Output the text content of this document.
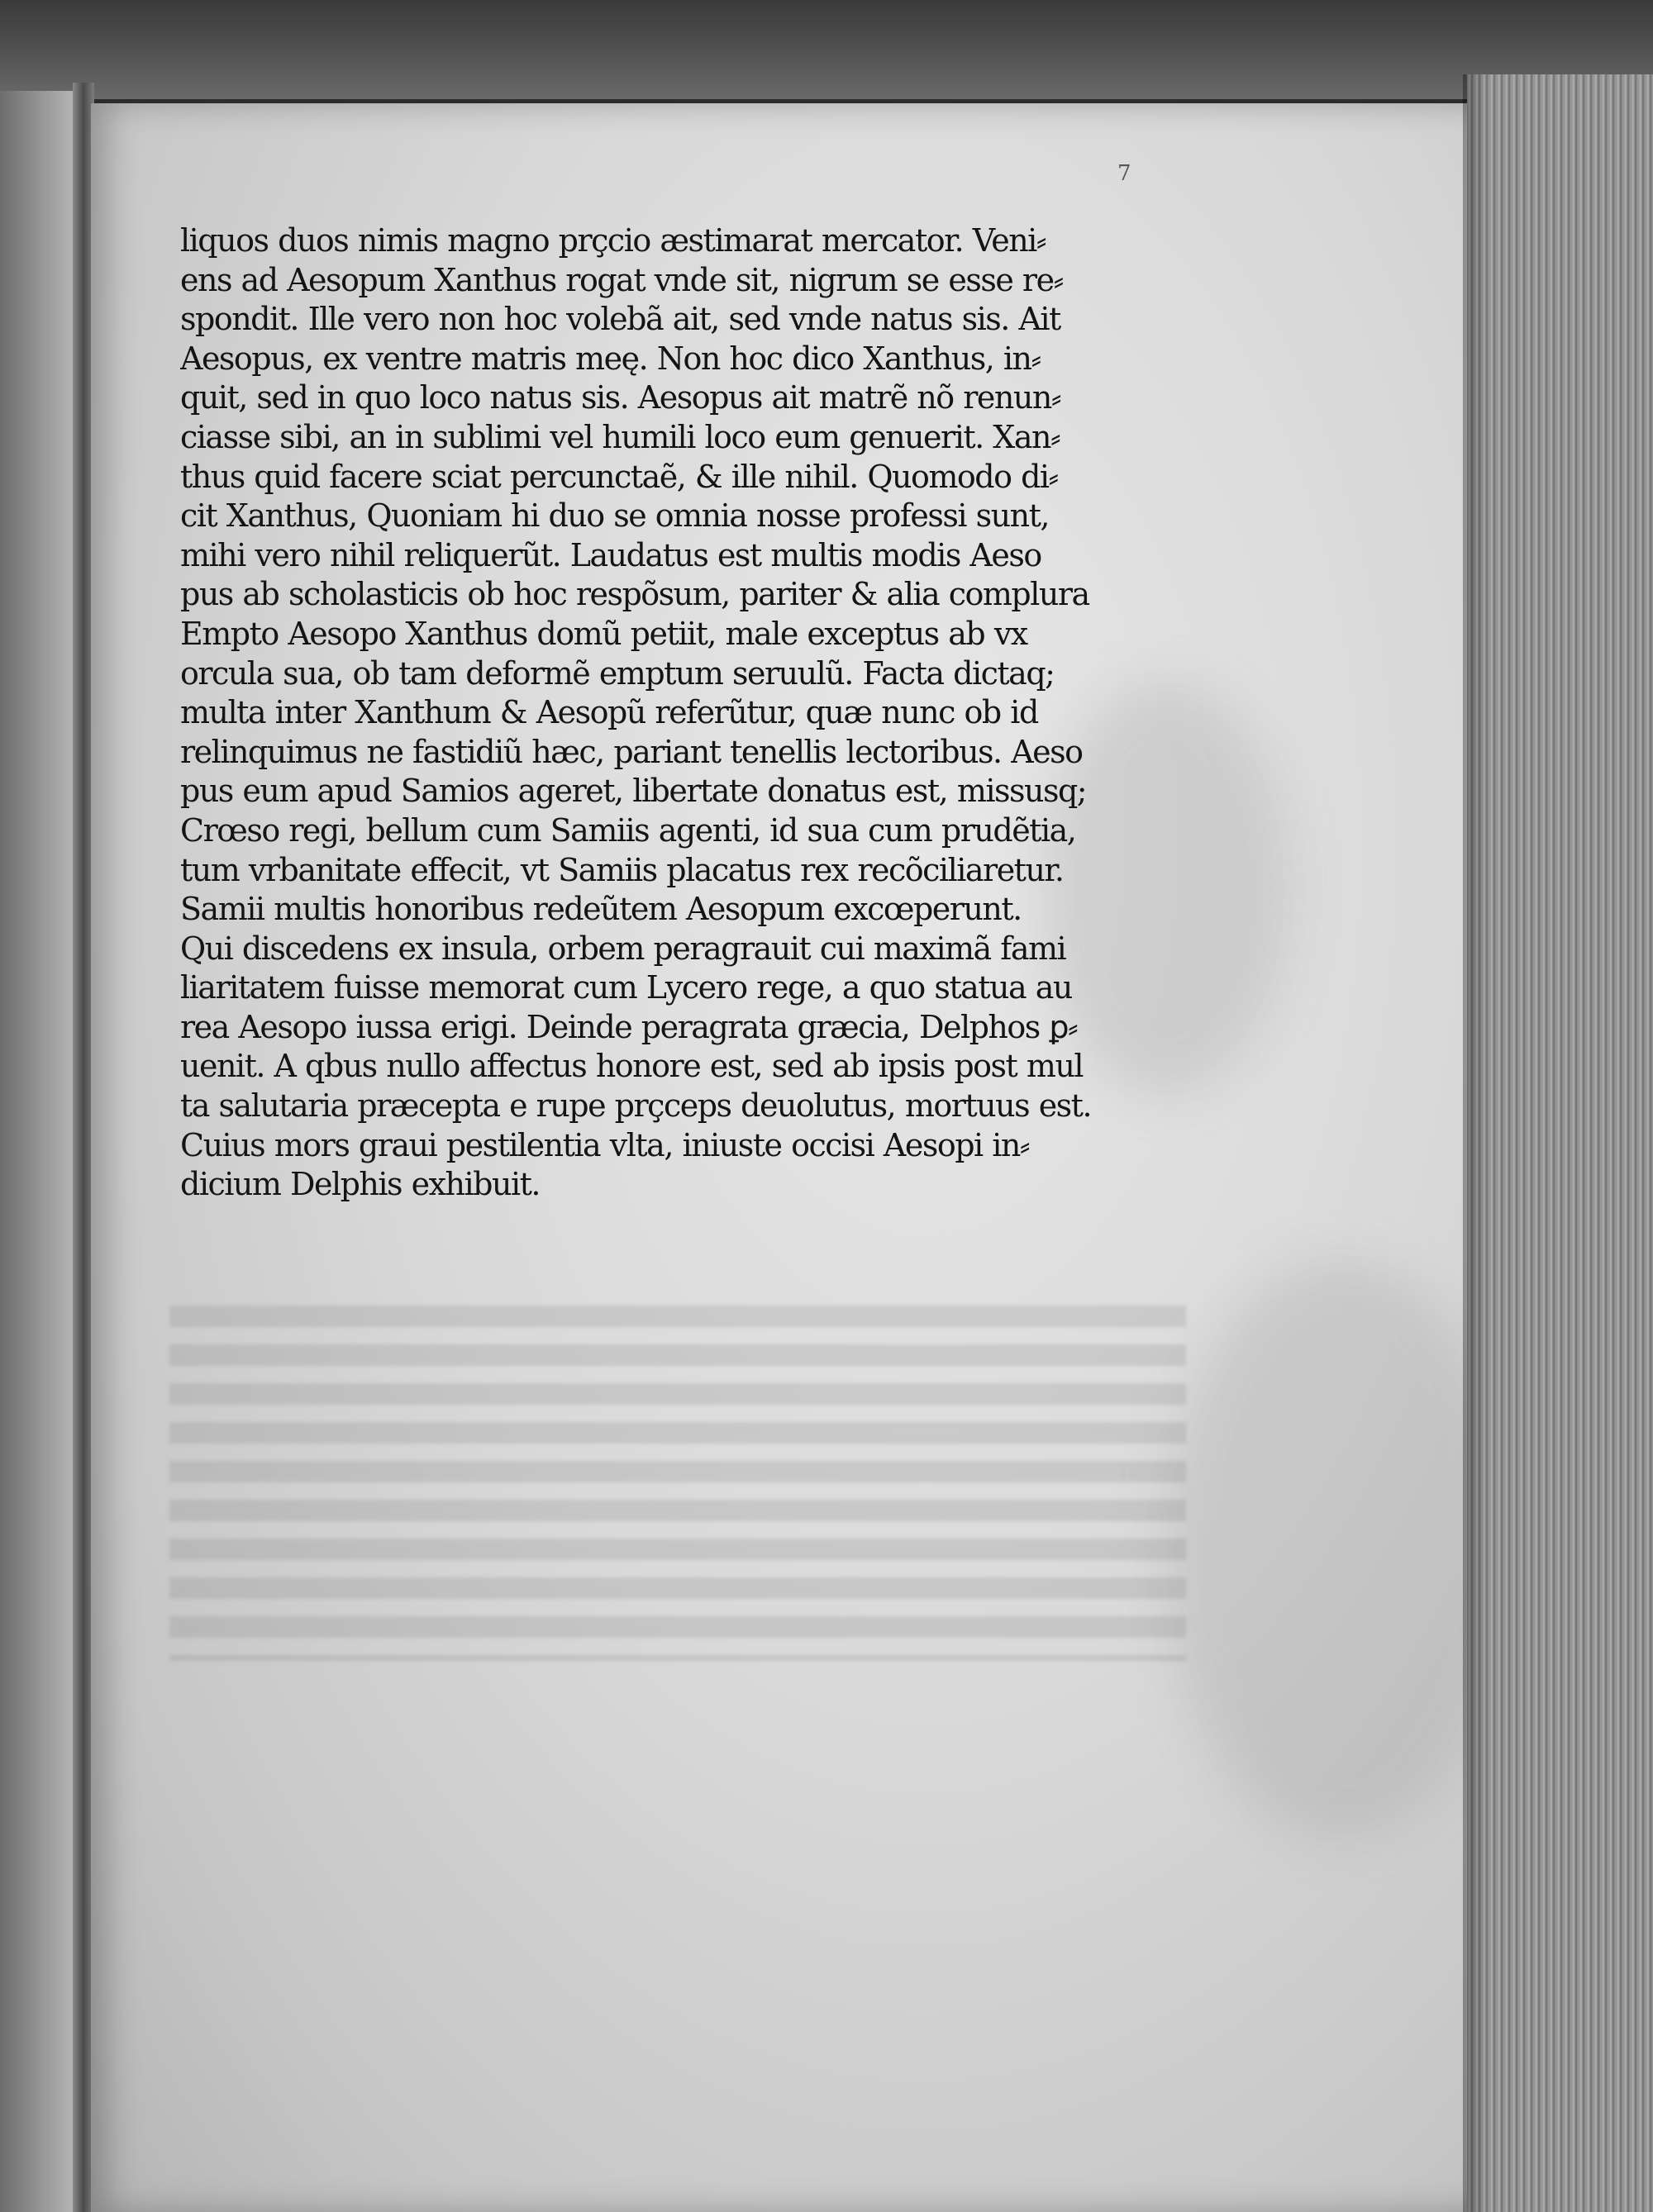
7
liquos duos nimis magno prçcio æstimarat mercator. Veni⸗
ens ad Aesopum Xanthus rogat vnde sit, nigrum se esse re⸗
spondit. Ille vero non hoc volebã ait, sed vnde natus sis. Ait
Aesopus, ex ventre matris meę. Non hoc dico Xanthus, in⸗
quit, sed in quo loco natus sis. Aesopus ait matrẽ nõ renun⸗
ciasse sibi, an in sublimi vel humili loco eum genuerit. Xan⸗
thus quid facere sciat percunctaẽ, & ille nihil. Quomodo di⸗
cit Xanthus, Quoniam hi duo se omnia nosse professi sunt,
mihi vero nihil reliquerũt. Laudatus est multis modis Aeso
pus ab scholasticis ob hoc respõsum, pariter & alia complura
Empto Aesopo Xanthus domũ petiit, male exceptus ab vx
orcula sua, ob tam deformẽ emptum seruulũ. Facta dictaq;
multa inter Xanthum & Aesopũ referũtur, quæ nunc ob id
relinquimus ne fastidiũ hæc, pariant tenellis lectoribus. Aeso
pus eum apud Samios ageret, libertate donatus est, missusq;
Crœso regi, bellum cum Samiis agenti, id sua cum prudẽtia,
tum vrbanitate effecit, vt Samiis placatus rex recõciliaretur.
Samii multis honoribus redeũtem Aesopum excœperunt.
Qui discedens ex insula, orbem peragrauit cui maximã fami
liaritatem fuisse memorat cum Lycero rege, a quo statua au
rea Aesopo iussa erigi. Deinde peragrata græcia, Delphos ꝑ⸗
uenit. A qbus nullo affectus honore est, sed ab ipsis post mul
ta salutaria præcepta e rupe prçceps deuolutus, mortuus est.
Cuius mors graui pestilentia vlta, iniuste occisi Aesopi in⸗
dicium Delphis exhibuit.
